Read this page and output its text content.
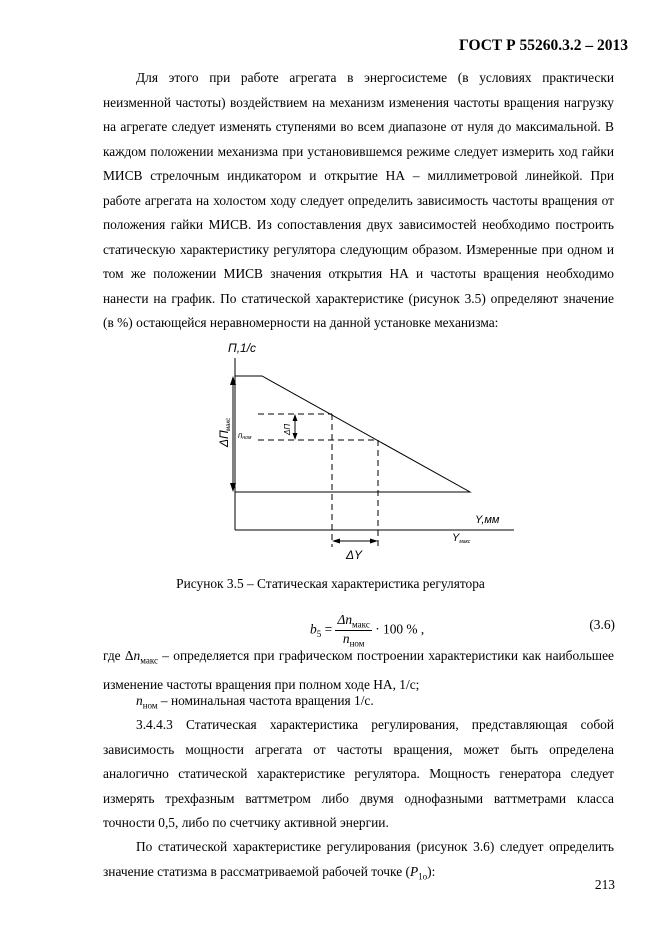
ГОСТ Р 55260.3.2 – 2013
Для этого при работе агрегата в энергосистеме (в условиях практически неизменной частоты) воздействием на механизм изменения частоты вращения нагрузку на агрегате следует изменять ступенями во всем диапазоне от нуля до максимальной. В каждом положении механизма при установившемся режиме следует измерить ход гайки МИСВ стрелочным индикатором и открытие НА – миллиметровой линейкой. При работе агрегата на холостом ходу следует определить зависимость частоты вращения от положения гайки МИСВ. Из сопоставления двух зависимостей необходимо построить статическую характеристику регулятора следующим образом. Измеренные при одном и том же положении МИСВ значения открытия НА и частоты вращения необходимо нанести на график. По статической характеристике (рисунок 3.5) определяют значение (в %) остающейся неравномерности на данной установке механизма:
П,1/с
Y,мм
ΔП
макс
пном
ΔП
Yмакс
ΔY
Рисунок 3.5 – Статическая характеристика регулятора
$b_5 = \frac{\Delta n_{макс}}{n_{ном}} \cdot 100$ % ,	(3.6)
где $\Delta n_{макс}$ – определяется при графическом построении характеристики как наибольшее изменение частоты вращения при полном ходе НА, 1/с;
$n_{ном}$ – номинальная частота вращения 1/с.
3.4.4.3 Статическая характеристика регулирования, представляющая собой зависимость мощности агрегата от частоты вращения, может быть определена аналогично статической характеристике регулятора. Мощность генератора следует измерять трехфазным ваттметром либо двумя однофазными ваттметрами класса точности 0,5, либо по счетчику активной энергии.
По статической характеристике регулирования (рисунок 3.6) следует определить значение статизма в рассматриваемой рабочей точке $(P_{1о})$:
213
